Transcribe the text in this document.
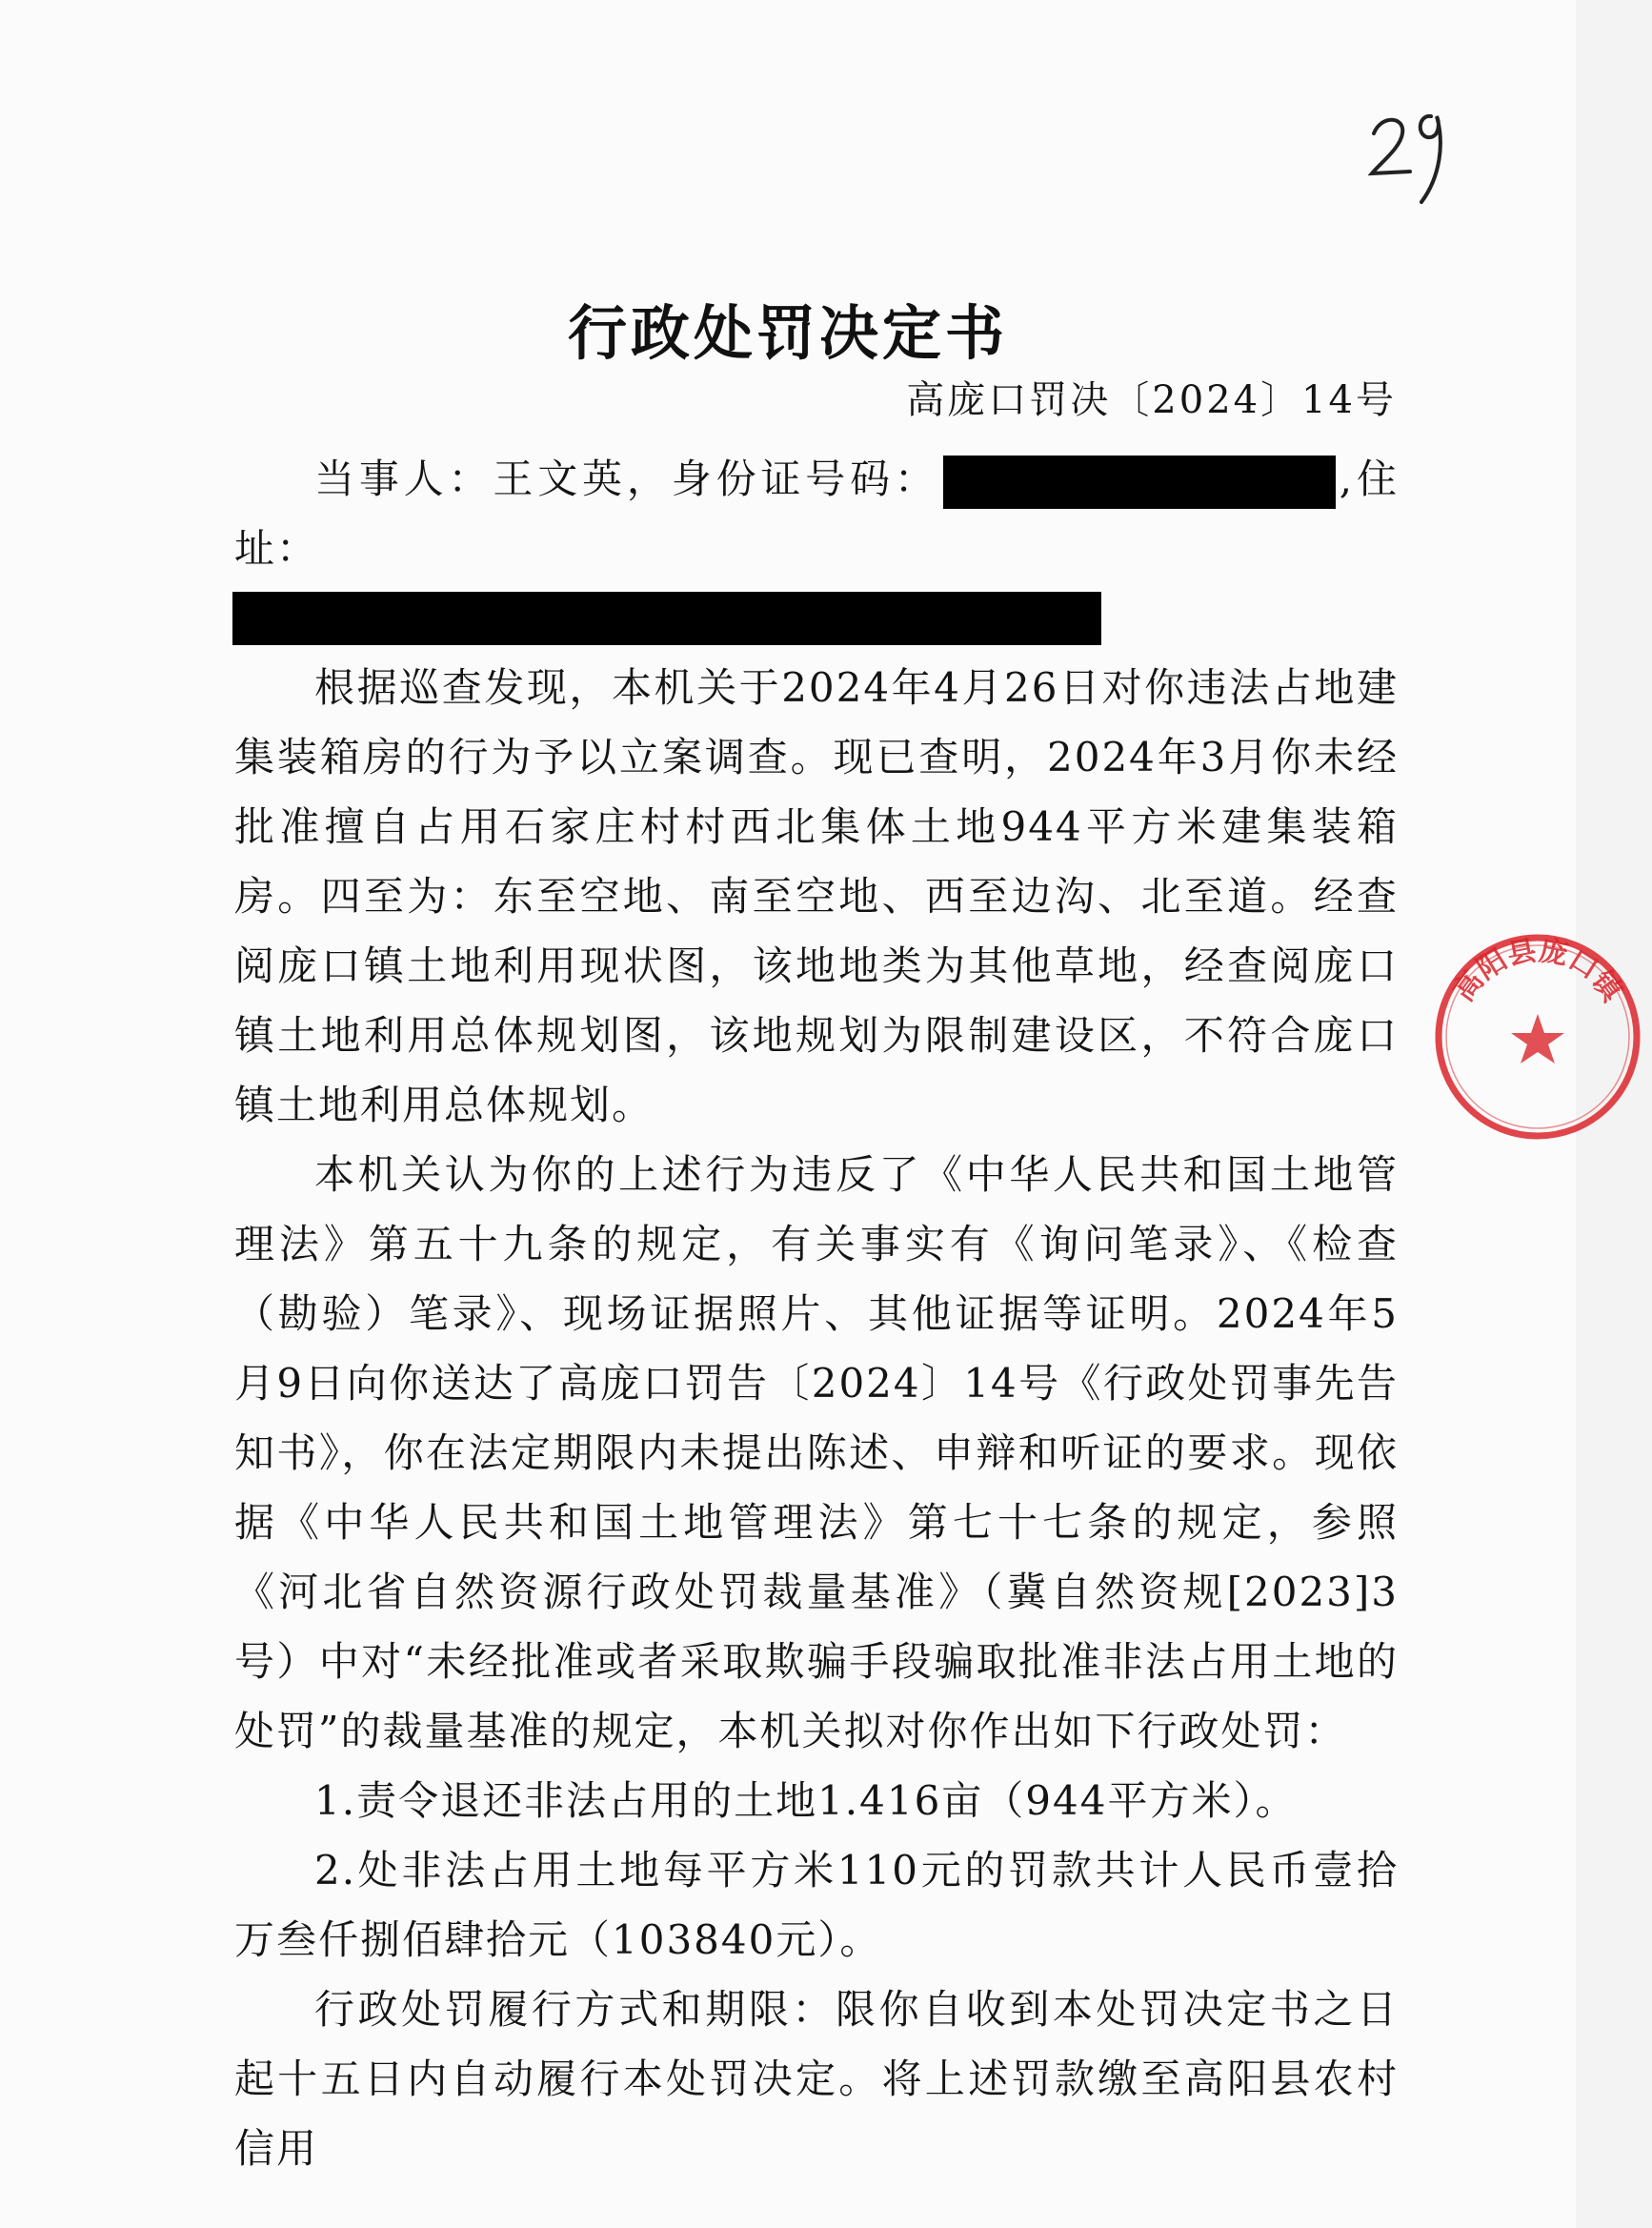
行政处罚决定书
高庞口罚决〔2024〕14号

当事人：王文英，身份证号码：	,住址：

根据巡查发现，本机关于2024年4月26日对你违法占地建集装箱房的行为予以立案调查。现已查明，2024年3月你未经批准擅自占用石家庄村村西北集体土地944平方米建集装箱房。四至为：东至空地、南至空地、西至边沟、北至道。经查阅庞口镇土地利用现状图，该地地类为其他草地，经查阅庞口镇土地利用总体规划图，该地规划为限制建设区，不符合庞口镇土地利用总体规划。

本机关认为你的上述行为违反了《中华人民共和国土地管理法》第五十九条的规定，有关事实有《询问笔录》、《检查（勘验）笔录》、现场证据照片、其他证据等证明。2024年5月9日向你送达了高庞口罚告〔2024〕14号《行政处罚事先告知书》，你在法定期限内未提出陈述、申辩和听证的要求。现依据《中华人民共和国土地管理法》第七十七条的规定，参照《河北省自然资源行政处罚裁量基准》（冀自然资规[2023]3号）中对“未经批准或者采取欺骗手段骗取批准非法占用土地的处罚”的裁量基准的规定，本机关拟对你作出如下行政处罚：

1.责令退还非法占用的土地1.416亩（944平方米）。

2.处非法占用土地每平方米110元的罚款共计人民币壹拾万叁仟捌佰肆拾元（103840元）。

行政处罚履行方式和期限：限你自收到本处罚决定书之日起十五日内自动履行本处罚决定。将上述罚款缴至高阳县农村信用

高阳县庞口镇
